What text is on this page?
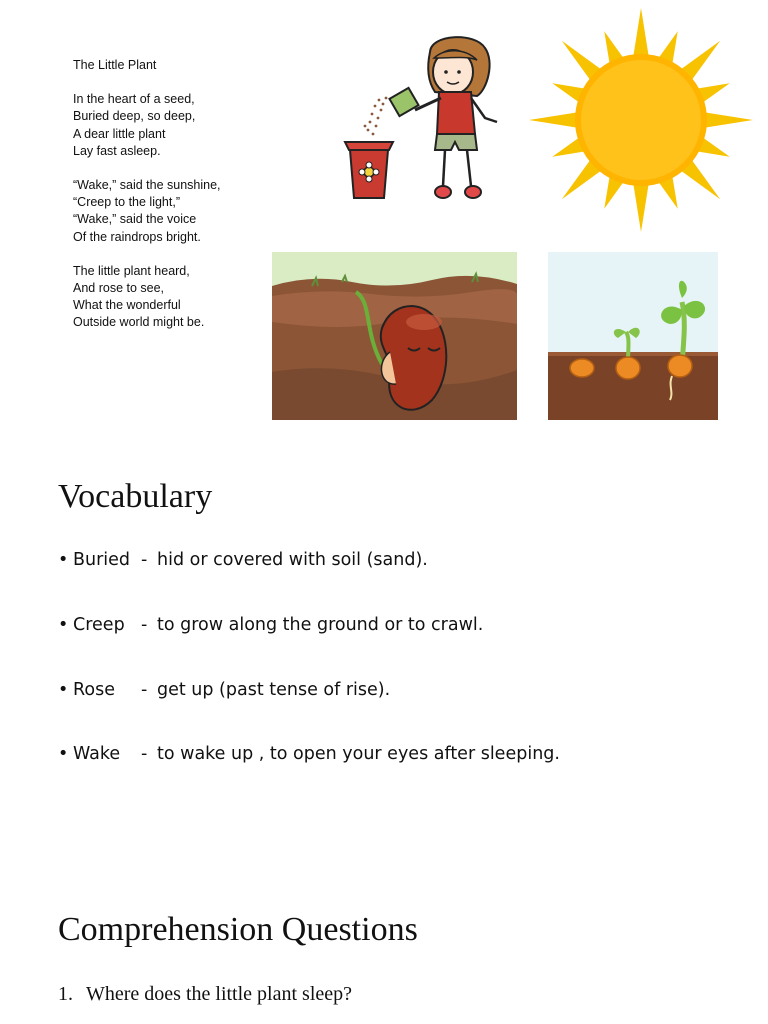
The Little Plant
In the heart of a seed,
Buried deep, so deep,
A dear little plant
Lay fast asleep.
“Wake,” said the sunshine,
“Creep to the light,”
“Wake,” said the voice
Of the raindrops bright.
The little plant heard,
And rose to see,
What the wonderful
Outside world might be.
Vocabulary
• Buried - hid or covered with soil (sand).
• Creep - to grow along the ground or to crawl.
• Rose - get up (past tense of rise).
• Wake - to wake up , to open your eyes after sleeping.
Comprehension Questions
1. Where does the little plant sleep?
